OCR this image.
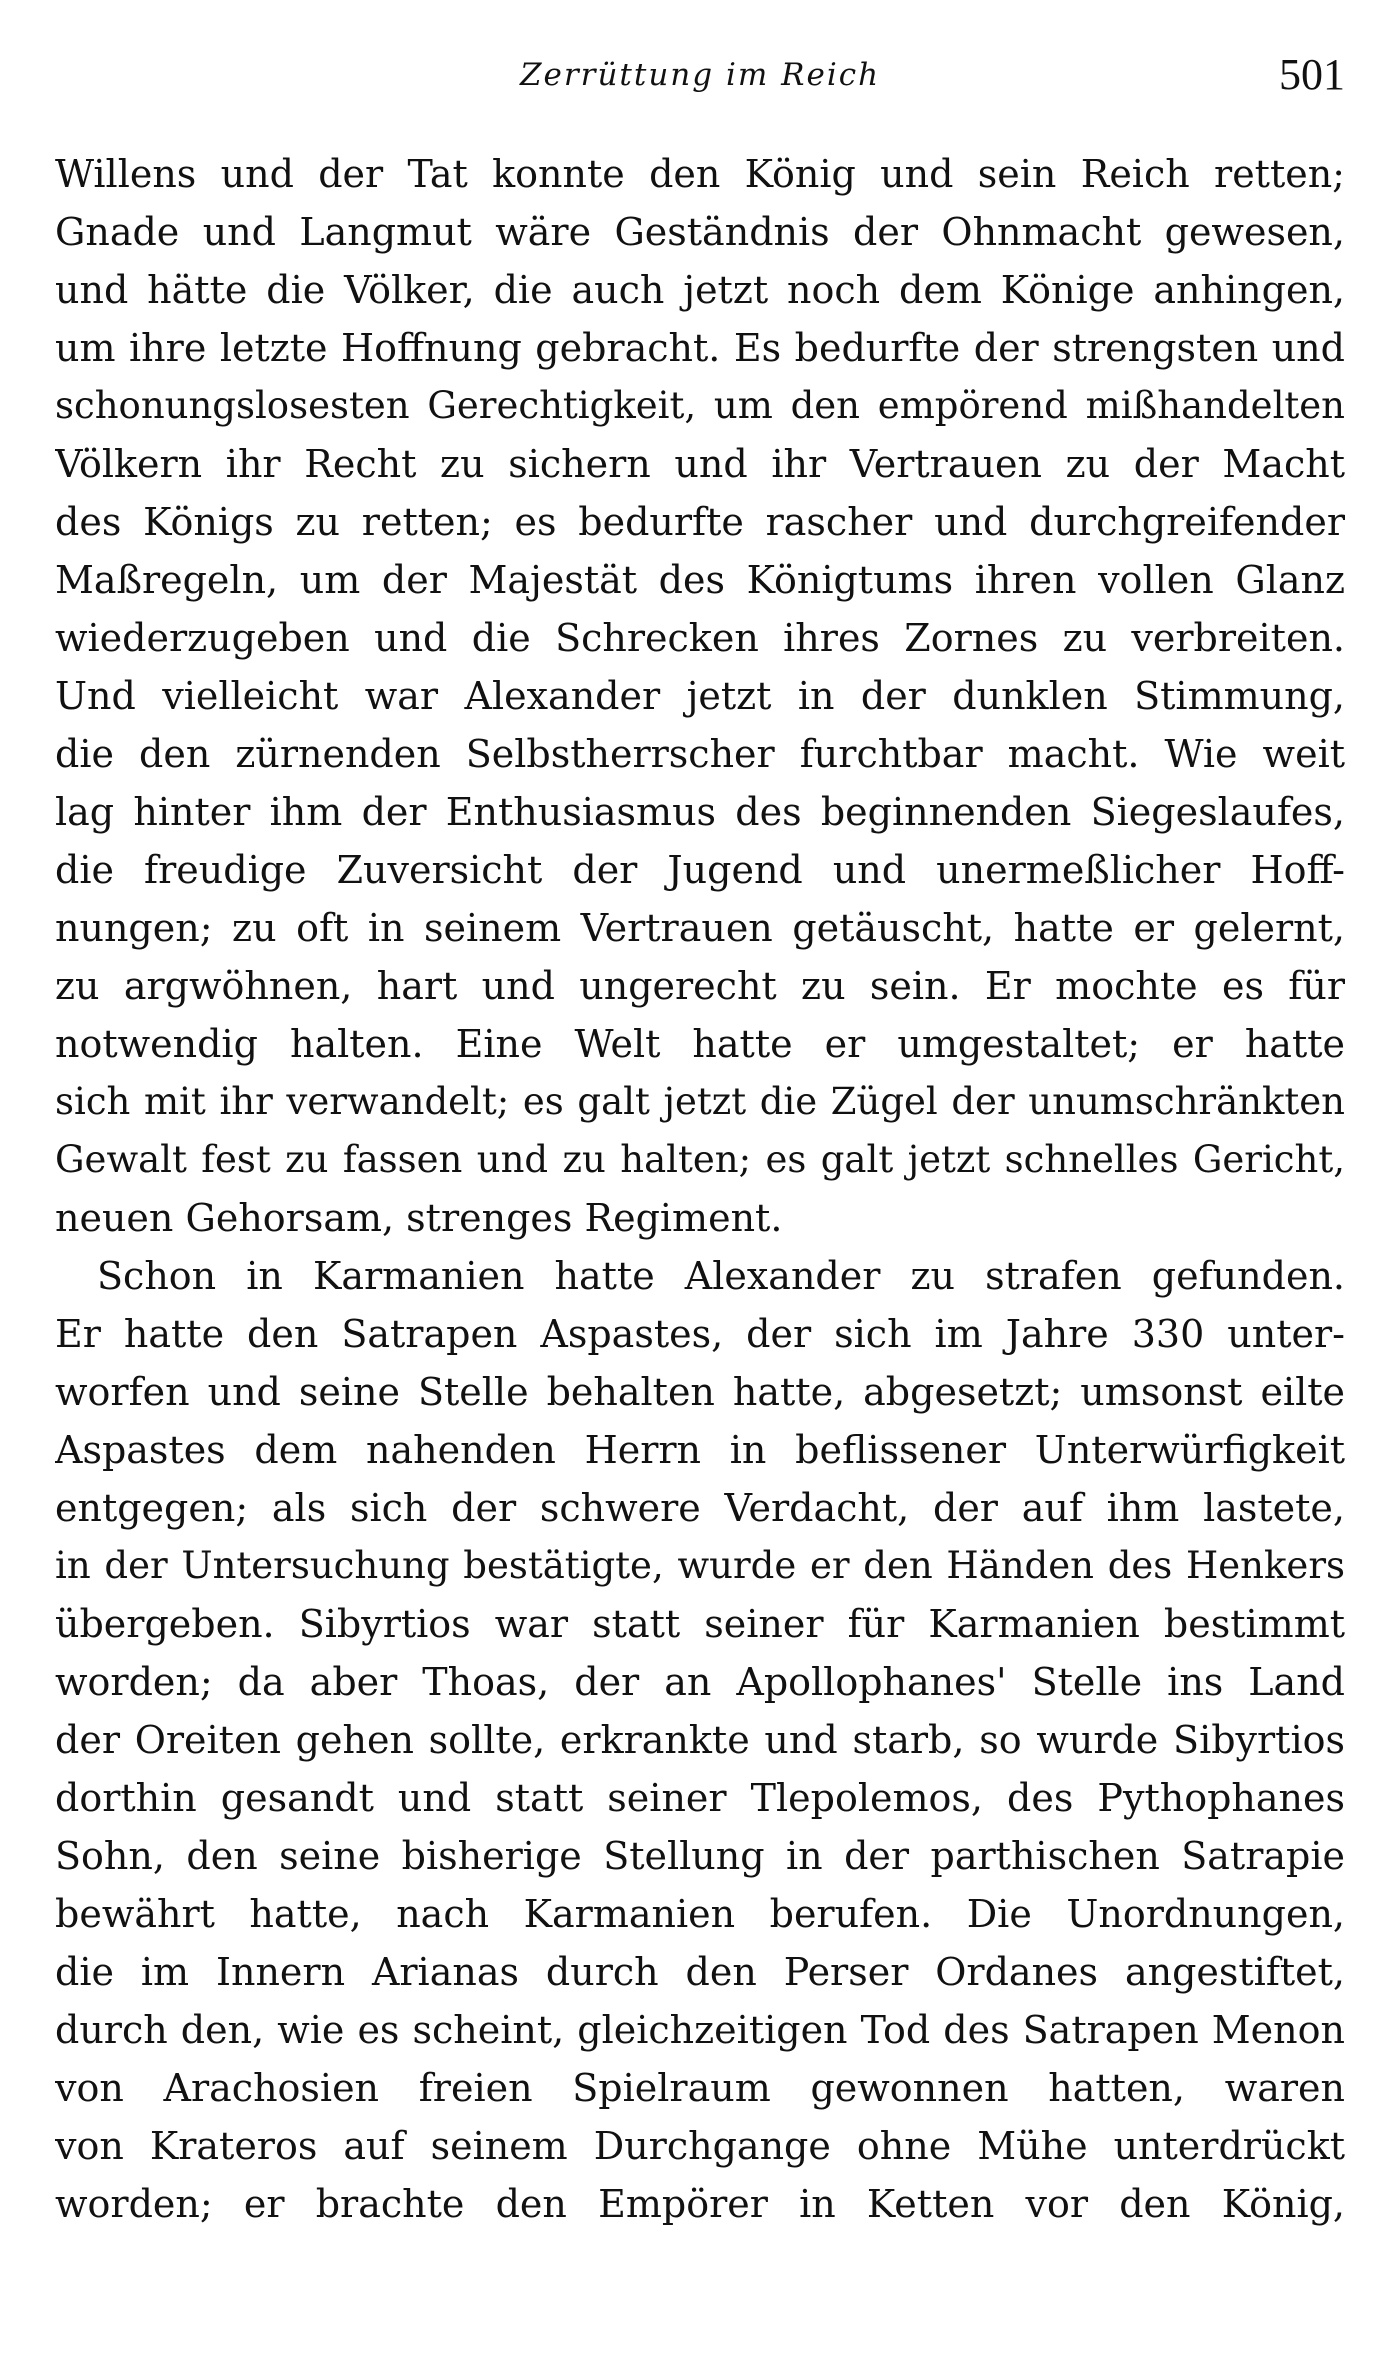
Zerrüttung im Reich	501
Willens und der Tat konnte den König und sein Reich retten;
Gnade und Langmut wäre Geständnis der Ohnmacht gewesen,
und hätte die Völker, die auch jetzt noch dem Könige anhingen,
um ihre letzte Hoffnung gebracht. Es bedurfte der strengsten und
schonungslosesten Gerechtigkeit, um den empörend mißhandelten
Völkern ihr Recht zu sichern und ihr Vertrauen zu der Macht
des Königs zu retten; es bedurfte rascher und durchgreifender
Maßregeln, um der Majestät des Königtums ihren vollen Glanz
wiederzugeben und die Schrecken ihres Zornes zu verbreiten.
Und vielleicht war Alexander jetzt in der dunklen Stimmung,
die den zürnenden Selbstherrscher furchtbar macht. Wie weit
lag hinter ihm der Enthusiasmus des beginnenden Siegeslaufes,
die freudige Zuversicht der Jugend und unermeßlicher Hoff-
nungen; zu oft in seinem Vertrauen getäuscht, hatte er gelernt,
zu argwöhnen, hart und ungerecht zu sein. Er mochte es für
notwendig halten. Eine Welt hatte er umgestaltet; er hatte
sich mit ihr verwandelt; es galt jetzt die Zügel der unumschränkten
Gewalt fest zu fassen und zu halten; es galt jetzt schnelles Gericht,
neuen Gehorsam, strenges Regiment.
Schon in Karmanien hatte Alexander zu strafen gefunden.
Er hatte den Satrapen Aspastes, der sich im Jahre 330 unter-
worfen und seine Stelle behalten hatte, abgesetzt; umsonst eilte
Aspastes dem nahenden Herrn in beflissener Unterwürfigkeit
entgegen; als sich der schwere Verdacht, der auf ihm lastete,
in der Untersuchung bestätigte, wurde er den Händen des Henkers
übergeben. Sibyrtios war statt seiner für Karmanien bestimmt
worden; da aber Thoas, der an Apollophanes' Stelle ins Land
der Oreiten gehen sollte, erkrankte und starb, so wurde Sibyrtios
dorthin gesandt und statt seiner Tlepolemos, des Pythophanes
Sohn, den seine bisherige Stellung in der parthischen Satrapie
bewährt hatte, nach Karmanien berufen. Die Unordnungen,
die im Innern Arianas durch den Perser Ordanes angestiftet,
durch den, wie es scheint, gleichzeitigen Tod des Satrapen Menon
von Arachosien freien Spielraum gewonnen hatten, waren
von Krateros auf seinem Durchgange ohne Mühe unterdrückt
worden; er brachte den Empörer in Ketten vor den König,
